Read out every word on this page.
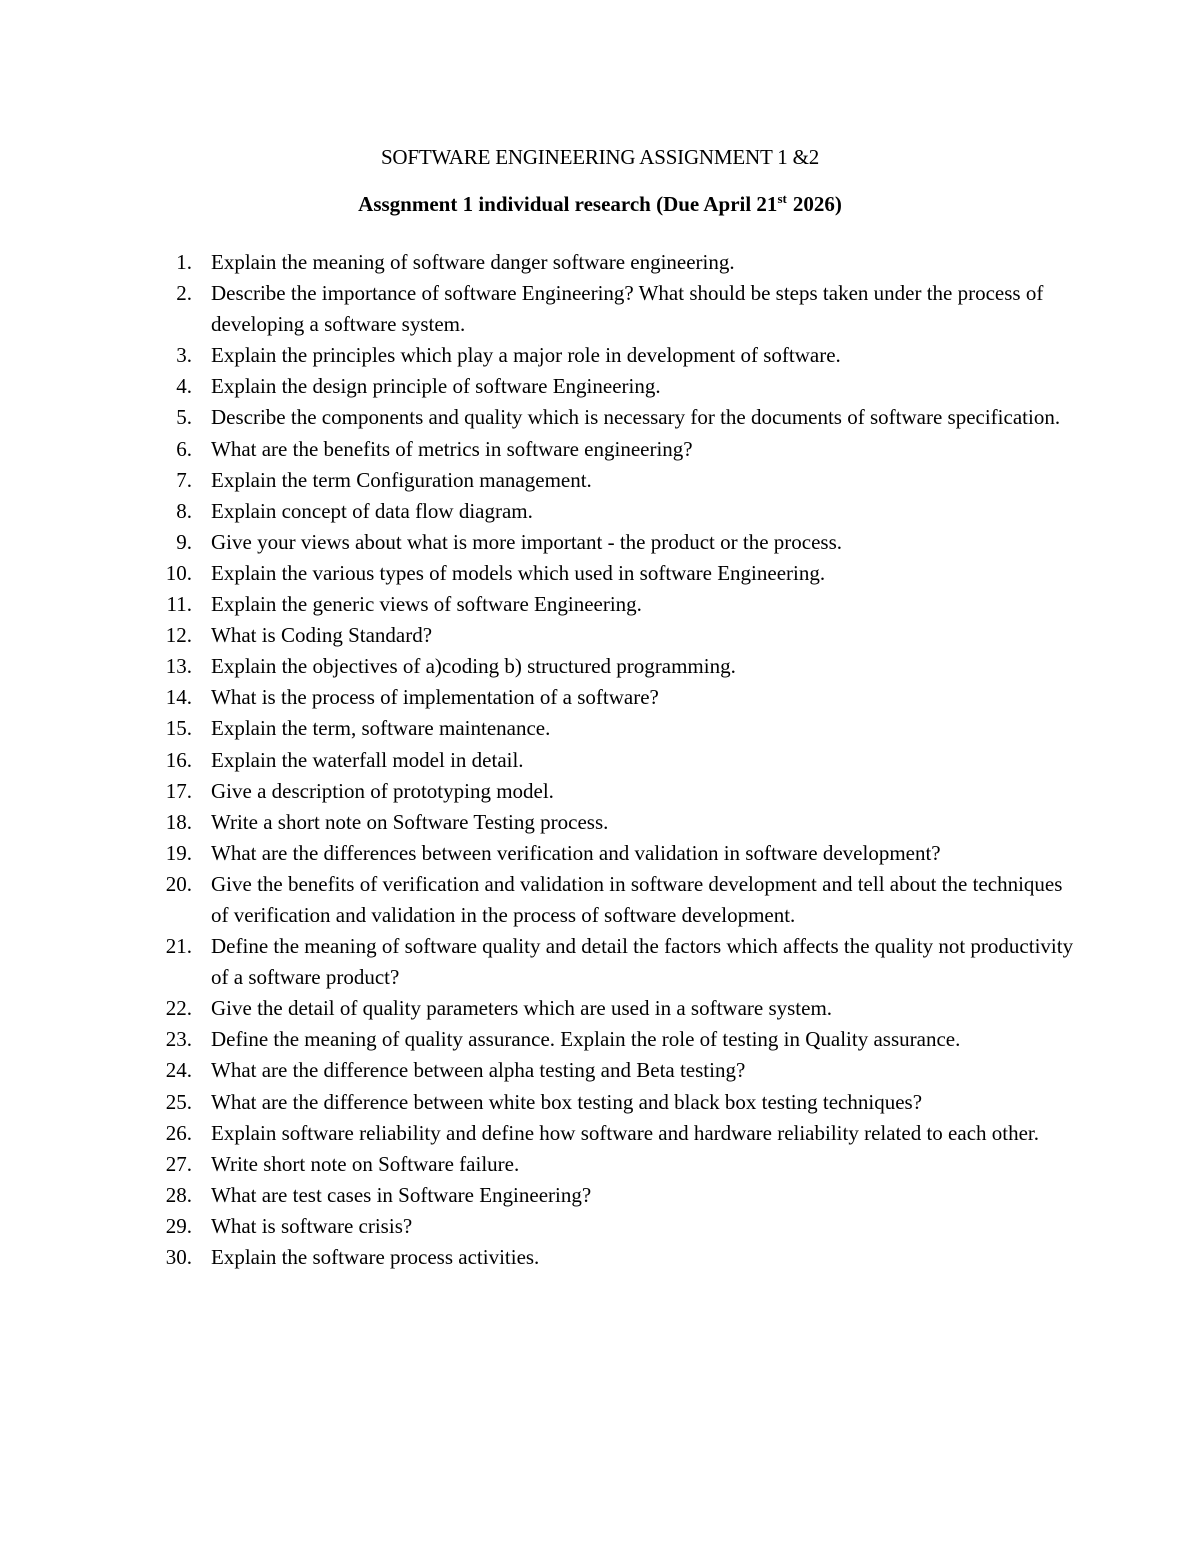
SOFTWARE ENGINEERING ASSIGNMENT 1 &2
Assgnment 1 individual research (Due April 21st 2026)
1. Explain the meaning of software danger software engineering.
2. Describe the importance of software Engineering? What should be steps taken under the process of developing a software system.
3. Explain the principles which play a major role in development of software.
4. Explain the design principle of software Engineering.
5. Describe the components and quality which is necessary for the documents of software specification.
6. What are the benefits of metrics in software engineering?
7. Explain the term Configuration management.
8. Explain concept of data flow diagram.
9. Give your views about what is more important - the product or the process.
10. Explain the various types of models which used in software Engineering.
11. Explain the generic views of software Engineering.
12. What is Coding Standard?
13. Explain the objectives of a)coding b) structured programming.
14. What is the process of implementation of a software?
15. Explain the term, software maintenance.
16. Explain the waterfall model in detail.
17. Give a description of prototyping model.
18. Write a short note on Software Testing process.
19. What are the differences between verification and validation in software development?
20. Give the benefits of verification and validation in software development and tell about the techniques of verification and validation in the process of software development.
21. Define the meaning of software quality and detail the factors which affects the quality not productivity of a software product?
22. Give the detail of quality parameters which are used in a software system.
23. Define the meaning of quality assurance. Explain the role of testing in Quality assurance.
24. What are the difference between alpha testing and Beta testing?
25. What are the difference between white box testing and black box testing techniques?
26. Explain software reliability and define how software and hardware reliability related to each other.
27. Write short note on Software failure.
28. What are test cases in Software Engineering?
29. What is software crisis?
30. Explain the software process activities.
